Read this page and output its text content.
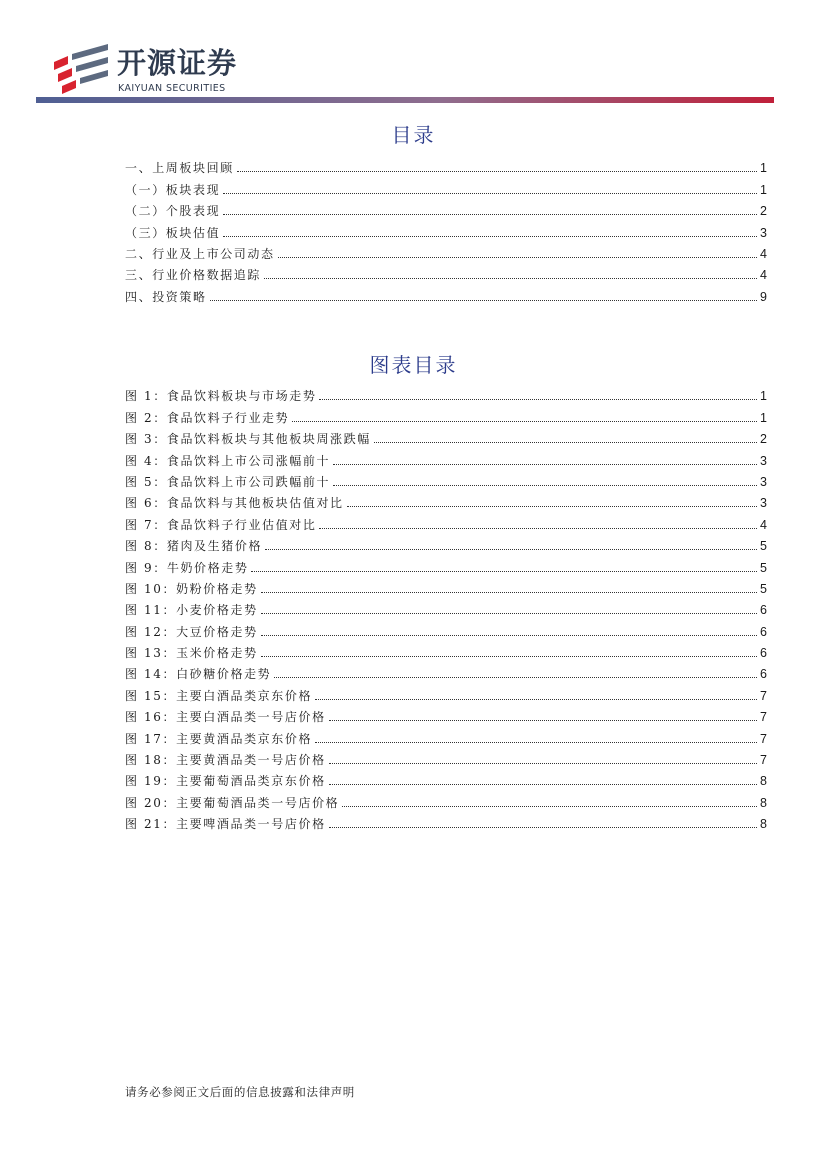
开源证券
KAIYUAN SECURITIES
目录
一、上周板块回顾	1
（一）板块表现	1
（二）个股表现	2
（三）板块估值	3
二、行业及上市公司动态	4
三、行业价格数据追踪	4
四、投资策略	9
图表目录
图 1：食品饮料板块与市场走势	1
图 2：食品饮料子行业走势	1
图 3：食品饮料板块与其他板块周涨跌幅	2
图 4：食品饮料上市公司涨幅前十	3
图 5：食品饮料上市公司跌幅前十	3
图 6：食品饮料与其他板块估值对比	3
图 7：食品饮料子行业估值对比	4
图 8：猪肉及生猪价格	5
图 9：牛奶价格走势	5
图 10：奶粉价格走势	5
图 11：小麦价格走势	6
图 12：大豆价格走势	6
图 13：玉米价格走势	6
图 14：白砂糖价格走势	6
图 15：主要白酒品类京东价格	7
图 16：主要白酒品类一号店价格	7
图 17：主要黄酒品类京东价格	7
图 18：主要黄酒品类一号店价格	7
图 19：主要葡萄酒品类京东价格	8
图 20：主要葡萄酒品类一号店价格	8
图 21：主要啤酒品类一号店价格	8
请务必参阅正文后面的信息披露和法律声明
